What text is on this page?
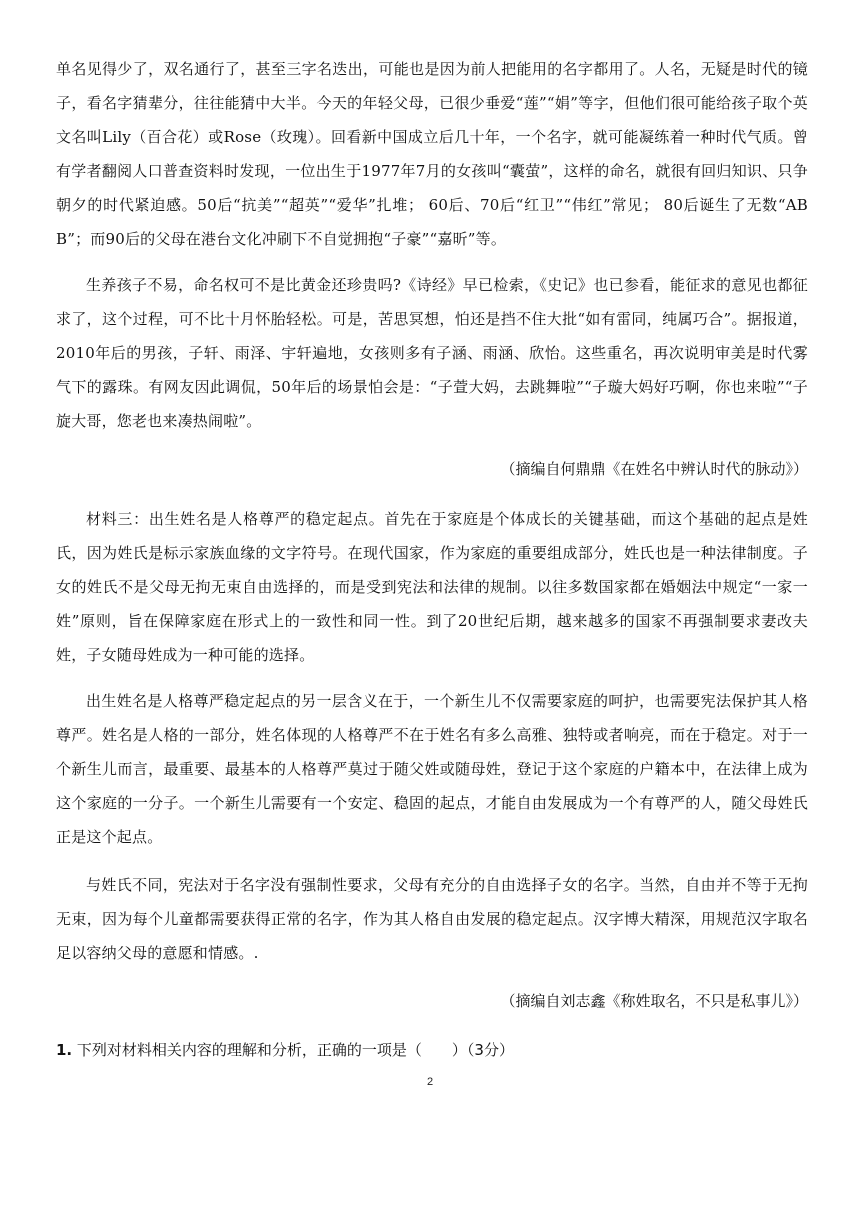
单名见得少了，双名通行了，甚至三字名迭出，可能也是因为前人把能用的名字都用了。人名，无疑是时代的镜子，看名字猜辈分，往往能猜中大半。今天的年轻父母，已很少垂爱“莲”“娟”等字，但他们很可能给孩子取个英文名叫Lily（百合花）或Rose（玫瑰）。回看新中国成立后几十年，一个名字，就可能凝练着一种时代气质。曾有学者翻阅人口普查资料时发现，一位出生于1977年7月的女孩叫“囊萤”，这样的命名，就很有回归知识、只争朝夕的时代紧迫感。50后“抗美”“超英”“爱华”扎堆； 60后、70后“红卫”“伟红”常见； 80后诞生了无数“ABB”；而90后的父母在港台文化冲刷下不自觉拥抱“子豪”“嘉昕”等。

生养孩子不易，命名权可不是比黄金还珍贵吗?《诗经》早已检索，《史记》也已参看，能征求的意见也都征求了，这个过程，可不比十月怀胎轻松。可是，苦思冥想，怕还是挡不住大批“如有雷同，纯属巧合”。据报道，2010年后的男孩，子轩、雨泽、宇轩遍地，女孩则多有子涵、雨涵、欣怡。这些重名，再次说明审美是时代雾气下的露珠。有网友因此调侃，50年后的场景怕会是：“子萱大妈，去跳舞啦”“子璇大妈好巧啊，你也来啦”“子旋大哥，您老也来凑热闹啦”。

（摘编自何鼎鼎《在姓名中辨认时代的脉动》）

材料三：出生姓名是人格尊严的稳定起点。首先在于家庭是个体成长的关键基础，而这个基础的起点是姓氏，因为姓氏是标示家族血缘的文字符号。在现代国家，作为家庭的重要组成部分，姓氏也是一种法律制度。子女的姓氏不是父母无拘无束自由选择的，而是受到宪法和法律的规制。以往多数国家都在婚姻法中规定“一家一姓”原则，旨在保障家庭在形式上的一致性和同一性。到了20世纪后期，越来越多的国家不再强制要求妻改夫姓，子女随母姓成为一种可能的选择。

出生姓名是人格尊严稳定起点的另一层含义在于，一个新生儿不仅需要家庭的呵护，也需要宪法保护其人格尊严。姓名是人格的一部分，姓名体现的人格尊严不在于姓名有多么高雅、独特或者响亮，而在于稳定。对于一个新生儿而言，最重要、最基本的人格尊严莫过于随父姓或随母姓，登记于这个家庭的户籍本中，在法律上成为这个家庭的一分子。一个新生儿需要有一个安定、稳固的起点，才能自由发展成为一个有尊严的人，随父母姓氏正是这个起点。

与姓氏不同，宪法对于名字没有强制性要求，父母有充分的自由选择子女的名字。当然，自由并不等于无拘无束，因为每个儿童都需要获得正常的名字，作为其人格自由发展的稳定起点。汉字博大精深，用规范汉字取名足以容纳父母的意愿和情感。.

（摘编自刘志鑫《称姓取名，不只是私事儿》）

1. 下列对材料相关内容的理解和分析，正确的一项是（　　）（3分）

2
